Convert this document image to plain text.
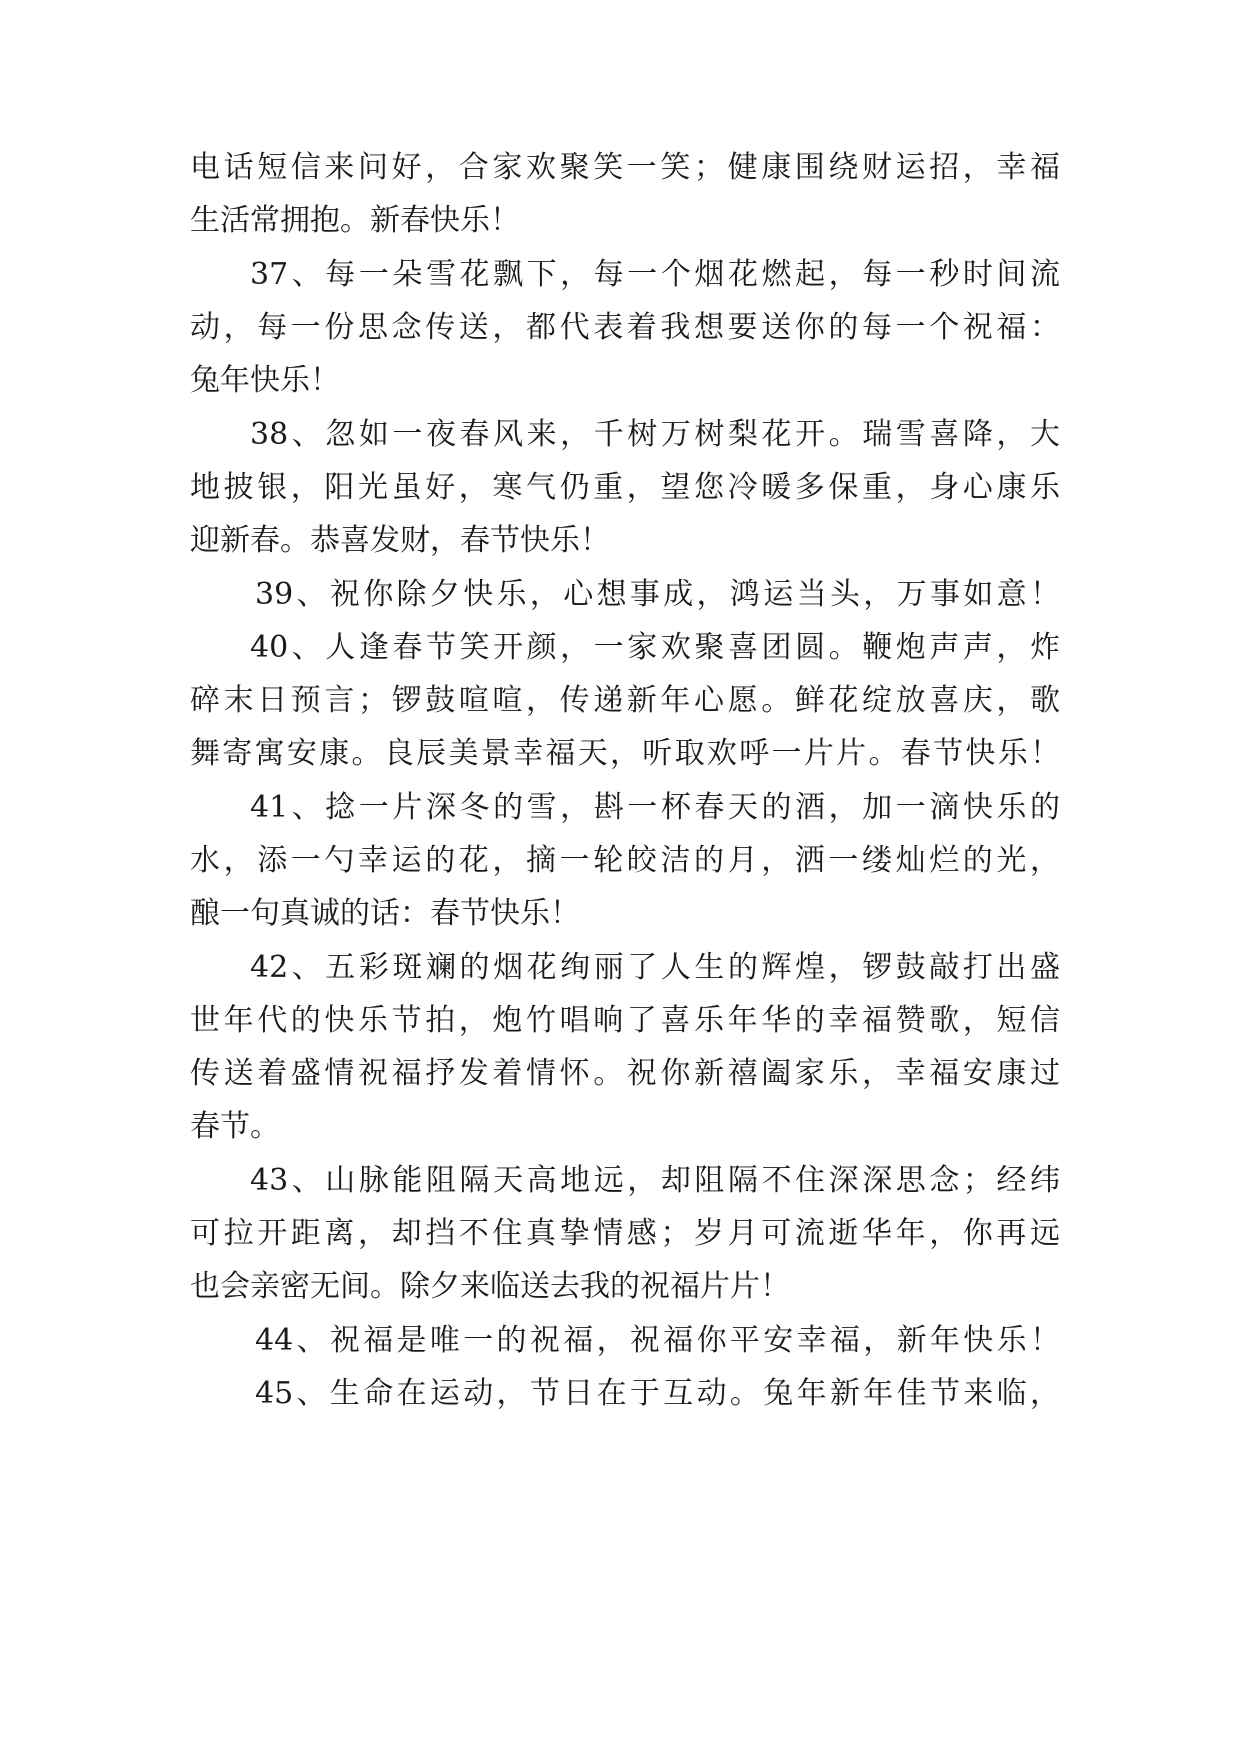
电话短信来问好，合家欢聚笑一笑；健康围绕财运招，幸福
生活常拥抱。新春快乐！
37、每一朵雪花飘下，每一个烟花燃起，每一秒时间流
动，每一份思念传送，都代表着我想要送你的每一个祝福：
兔年快乐！
38、忽如一夜春风来，千树万树梨花开。瑞雪喜降，大
地披银，阳光虽好，寒气仍重，望您冷暖多保重，身心康乐
迎新春。恭喜发财，春节快乐！
39、祝你除夕快乐，心想事成，鸿运当头，万事如意！
40、人逢春节笑开颜，一家欢聚喜团圆。鞭炮声声，炸
碎末日预言；锣鼓喧喧，传递新年心愿。鲜花绽放喜庆，歌
舞寄寓安康。良辰美景幸福天，听取欢呼一片片。春节快乐！
41、捻一片深冬的雪，斟一杯春天的酒，加一滴快乐的
水，添一勺幸运的花，摘一轮皎洁的月，洒一缕灿烂的光，
酿一句真诚的话：春节快乐！
42、五彩斑斓的烟花绚丽了人生的辉煌，锣鼓敲打出盛
世年代的快乐节拍，炮竹唱响了喜乐年华的幸福赞歌，短信
传送着盛情祝福抒发着情怀。祝你新禧阖家乐，幸福安康过
春节。
43、山脉能阻隔天高地远，却阻隔不住深深思念；经纬
可拉开距离，却挡不住真挚情感；岁月可流逝华年，你再远
也会亲密无间。除夕来临送去我的祝福片片！
44、祝福是唯一的祝福，祝福你平安幸福，新年快乐！
45、生命在运动，节日在于互动。兔年新年佳节来临，
